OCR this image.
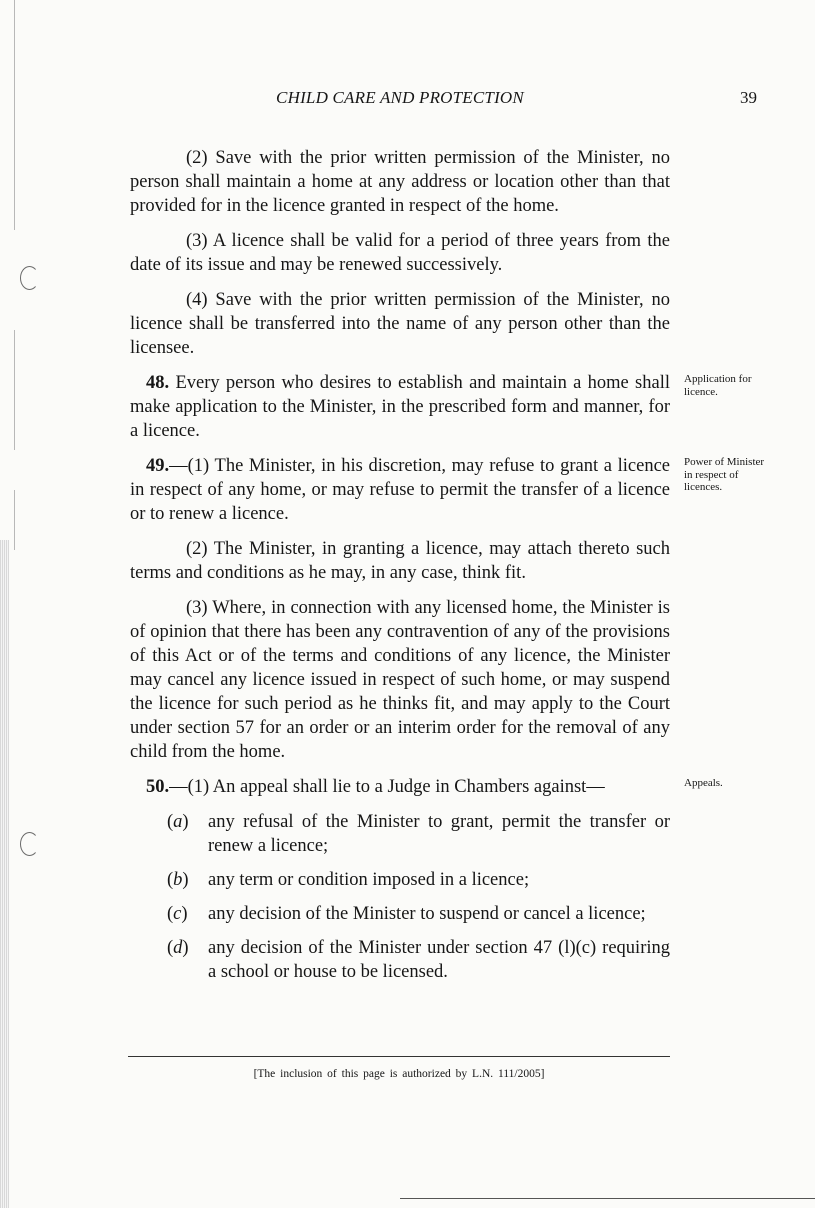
CHILD CARE AND PROTECTION	39

(2) Save with the prior written permission of the Minister, no person shall maintain a home at any address or location other than that provided for in the licence granted in respect of the home.

(3) A licence shall be valid for a period of three years from the date of its issue and may be renewed successively.

(4) Save with the prior written permission of the Minister, no licence shall be transferred into the name of any person other than the licensee.

48. Every person who desires to establish and maintain a home shall make application to the Minister, in the prescribed form and manner, for a licence.
Application for licence.

49.—(1) The Minister, in his discretion, may refuse to grant a licence in respect of any home, or may refuse to permit the transfer of a licence or to renew a licence.
Power of Minister in respect of licences.

(2) The Minister, in granting a licence, may attach thereto such terms and conditions as he may, in any case, think fit.

(3) Where, in connection with any licensed home, the Minister is of opinion that there has been any contravention of any of the provisions of this Act or of the terms and conditions of any licence, the Minister may cancel any licence issued in respect of such home, or may suspend the licence for such period as he thinks fit, and may apply to the Court under section 57 for an order or an interim order for the removal of any child from the home.

50.—(1) An appeal shall lie to a Judge in Chambers against—	Appeals.

(a)	any refusal of the Minister to grant, permit the transfer or renew a licence;
(b)	any term or condition imposed in a licence;
(c)	any decision of the Minister to suspend or cancel a licence;
(d)	any decision of the Minister under section 47 (l)(c) requiring a school or house to be licensed.
[The inclusion of this page is authorized by L.N. 111/2005]
